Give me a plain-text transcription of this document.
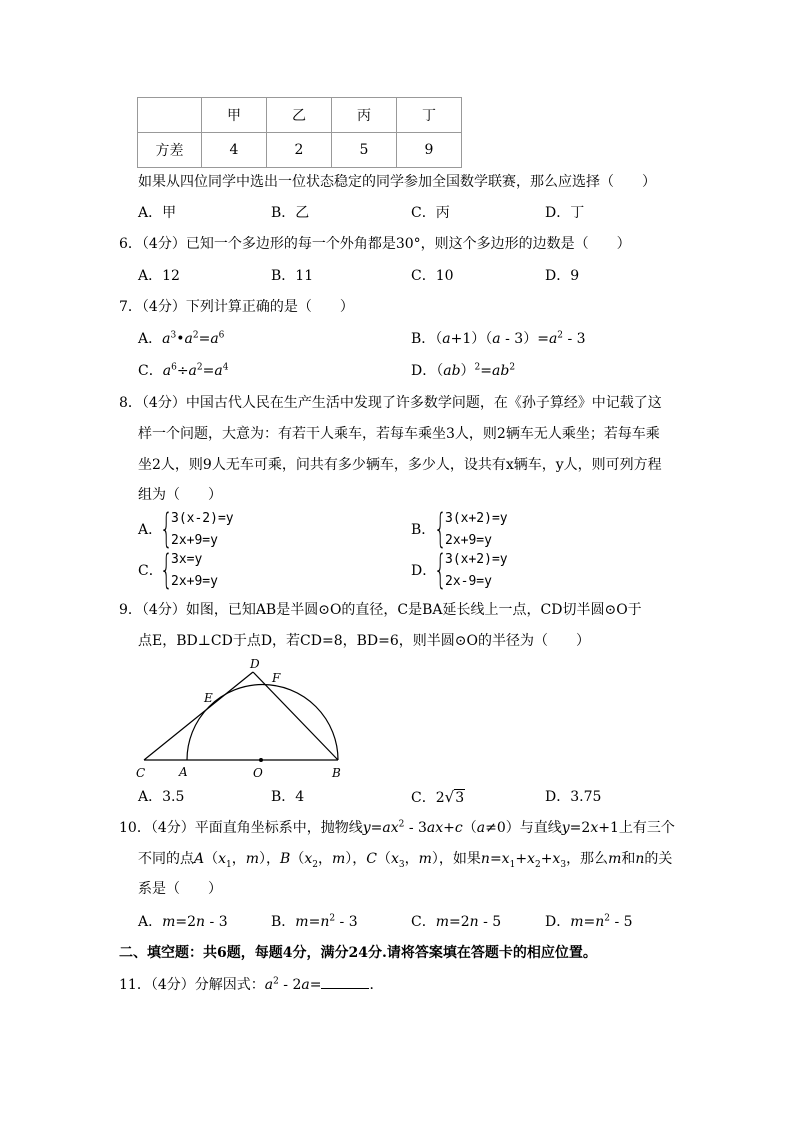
	甲	乙	丙	丁
方差	4	2	5	9
如果从四位同学中选出一位状态稳定的同学参加全国数学联赛，那么应选择（　　）
A．甲	B．乙	C．丙	D．丁
6．（4分）已知一个多边形的每一个外角都是30°，则这个多边形的边数是（　　）
A．12	B．11	C．10	D．9
7．（4分）下列计算正确的是（　　）
A．$a^3•a^2=a^6$	B．$(a+1)(a - 3)=a^2 - 3$
C．$a^6\div a^2=a^4$	D．$(ab)^2=ab^2$
8．（4分）中国古代人民在生产生活中发现了许多数学问题，在《孙子算经》中记载了这
样一个问题，大意为：有若干人乘车，若每车乘坐3人，则2辆车无人乘坐；若每车乘
坐2人，则9人无车可乘，问共有多少辆车，多少人，设共有x辆车，y人，则可列方程
组为（　　）
A．
{
3(x-2)=y
2x+9=y
B．
{
3(x+2)=y
2x+9=y
C．
{
3x=y
2x+9=y
D．
{
3(x+2)=y
2x-9=y
9．（4分）如图，已知AB是半圆⊙O的直径，C是BA延长线上一点，CD切半圆⊙O于
点E，BD⊥CD于点D，若CD=8，BD=6，则半圆⊙O的半径为（　　）
D
F
E
C	A	O	B
A．3.5	B．4	C．2√3	D．3.75
10．（4分）平面直角坐标系中，抛物线$y=ax^2 - 3ax+c(a\ne 0)$与直线y=2x+1上有三个
不同的点$A(x_1$，m），$B(x_2$，m），$C(x_3$，m），如果$n=x_1+x_2+x_3$，那么m和n的关
系是（　　）
A．m=2n - 3	B．$m=n^2 - 3$	C．m=2n - 5	D．$m=n^2 - 5$
二、填空题：共6题，每题4分，满分24分.请将答案填在答题卡的相应位置。
11．（4分）分解因式：$a^2 - 2a=$	．
